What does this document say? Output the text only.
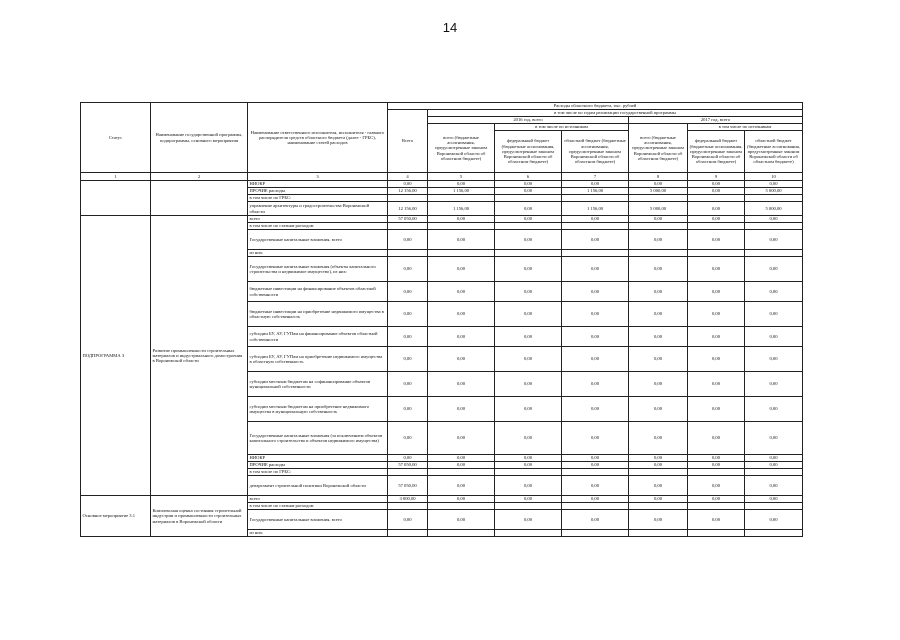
14
Статус	Наименование государственной программы, подпрограммы, основного мероприятия	Наименование ответственного исполнителя, исполнителя - главного распорядителя средств областного бюджета (далее - ГРБС), наименование статей расходов	Расходы областного бюджета, тыс. рублей						
			Всего	в том числе по годам реализации государственной программы					
				2016 год, всего			2017 год, всего		
				всего (бюджетные ассигнования, предусмотренные законом Воронежской области об областном бюджете)	в том числе по источникам		всего (бюджетные ассигнования, предусмотренные законом Воронежской области об областном бюджете)	в том числе по источникам	
					федеральный бюджет (бюджетные ассигнования, предусмотренные законом Воронежской области об областном бюджете)	областной бюджет (бюджетные ассигнования, предусмотренные законом Воронежской области об областном бюджете)		федеральный бюджет (бюджетные ассигнования, предусмотренные законом Воронежской области об областном бюджете)	областной бюджет (бюджетные ассигнования, предусмотренные законом Воронежской области об областном бюджете)
1	2	3	4	5	6	7	8	9	10
		НИОКР	0,00	0,00	0,00	0,00	0,00	0,00	0,00
		ПРОЧИЕ расходы	12 156,00	1 156,00	0,00	1 156,00	5 000,00	0,00	5 000,00
		в том числе по ГРБС:							
		управление архитектуры и градостроительства Воронежской области	12 156,00	1 156,00	0,00	1 156,00	5 000,00	0,00	5 000,00
ПОДПРОГРАММА 3	Развитие промышленности строительных материалов и индустриального домостроения в Воронежской области	всего	57 050,00	0,00	0,00	0,00	0,00	0,00	0,00
		в том числе по статьям расходов:							
		Государственные капитальные вложения, всего	0,00	0,00	0,00	0,00	0,00	0,00	0,00
		из них:							
		Государственные капитальные вложения (объекты капитального строительства и недвижимое имущество), из них:	0,00	0,00	0,00	0,00	0,00	0,00	0,00
		бюджетные инвестиции на финансирование объектов областной собственности	0,00	0,00	0,00	0,00	0,00	0,00	0,00
		бюджетные инвестиции на приобретение недвижимого имущества в областную собственность	0,00	0,00	0,00	0,00	0,00	0,00	0,00
		субсидии БУ, АУ, ГУПам на финансирование объектов областной собственности	0,00	0,00	0,00	0,00	0,00	0,00	0,00
		субсидии БУ, АУ, ГУПам на приобретение недвижимого имущества в областную собственность	0,00	0,00	0,00	0,00	0,00	0,00	0,00
		субсидии местным бюджетам на софинансирование объектов муниципальной собственности	0,00	0,00	0,00	0,00	0,00	0,00	0,00
		субсидии местным бюджетам на приобретение недвижимого имущества в муниципальную собственность	0,00	0,00	0,00	0,00	0,00	0,00	0,00
		Государственные капитальные вложения (за исключением объектов капитального строительства и объектов недвижимого имущества)	0,00	0,00	0,00	0,00	0,00	0,00	0,00
		НИОКР	0,00	0,00	0,00	0,00	0,00	0,00	0,00
		ПРОЧИЕ расходы	57 050,00	0,00	0,00	0,00	0,00	0,00	0,00
		в том числе по ГРБС:							
		департамент строительной политики Воронежской области	57 050,00	0,00	0,00	0,00	0,00	0,00	0,00
Основное мероприятие 3.1	Комплексная оценка состояния строительной индустрии и промышленности строительных материалов в Воронежской области	всего	3 000,00	0,00	0,00	0,00	0,00	0,00	0,00
		в том числе по статьям расходов:							
		Государственные капитальные вложения, всего	0,00	0,00	0,00	0,00	0,00	0,00	0,00
		из них:							
